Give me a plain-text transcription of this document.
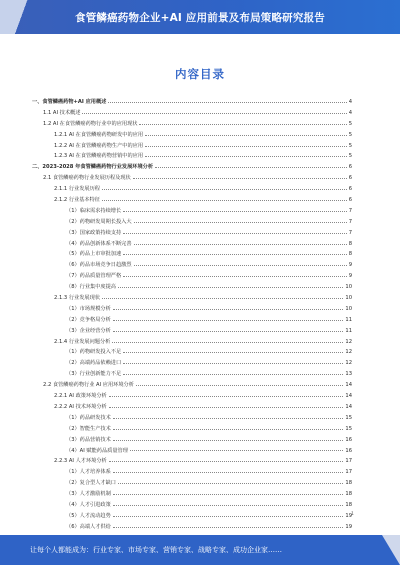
食管鳞癌药物企业+AI 应用前景及布局策略研究报告
内容目录
一、食管鳞癌药物+AI 应用概述	4
1.1 AI 技术概述	4
1.2 AI 在食管鳞癌药物行业中的应用现状	5
1.2.1 AI 在食管鳞癌药物研发中的应用	5
1.2.2 AI 在食管鳞癌药物生产中的应用	5
1.2.3 AI 在食管鳞癌药物营销中的应用	5
二、2023-2028 年食管鳞癌药物行业发展环境分析	6
2.1 食管鳞癌药物行业发展历程及现状	6
2.1.1 行业发展历程	6
2.1.2 行业基本特征	6
（1）临床需求持续增长	7
（2）药物研发周期长投入大	7
（3）国家政策持续支持	7
（4）药品创新体系不断完善	8
（5）药品上市审批加速	8
（6）药品市场竞争日趋激烈	9
（7）药品质量管理严格	9
（8）行业集中度提高	10
2.1.3 行业发展现状	10
（1）市场规模分析	10
（2）竞争格局分析	11
（3）企业经营分析	11
2.1.4 行业发展问题分析	12
（1）药物研发投入不足	12
（2）高端药品依赖进口	12
（3）行业创新能力不足	13
2.2 食管鳞癌药物行业 AI 应用环境分析	14
2.2.1 AI 政策环境分析	14
2.2.2 AI 技术环境分析	14
（1）药品研发技术	15
（2）智能生产技术	15
（3）药品营销技术	16
（4）AI 赋能药品质量管理	16
2.2.3 AI 人才环境分析	17
（1）人才培养体系	17
（2）复合型人才缺口	18
（3）人才激励机制	18
（4）人才引进政策	18
（5）人才流动趋势	19
（6）高端人才供给	19
1
让每个人都能成为：行业专家、市场专家、营销专家、战略专家、成功企业家……
